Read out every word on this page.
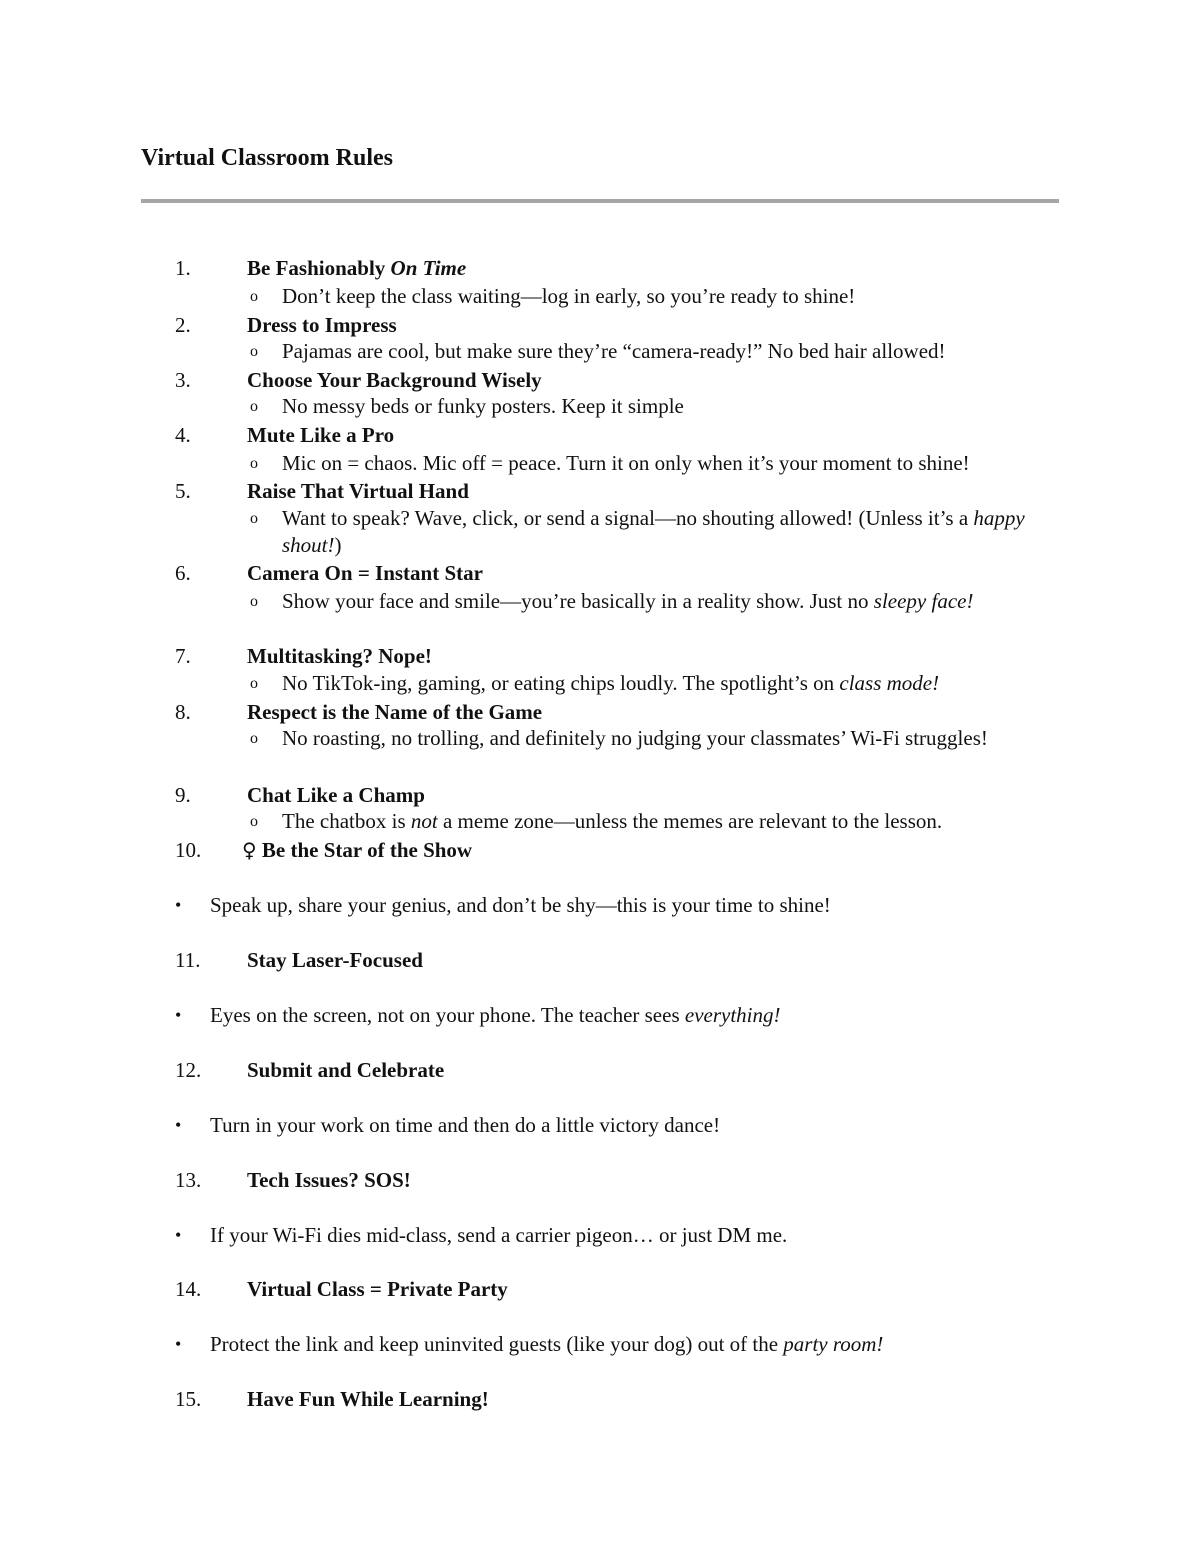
Virtual Classroom Rules
1.	Be Fashionably On Time
o Don’t keep the class waiting—log in early, so you’re ready to shine!
2.	Dress to Impress
o Pajamas are cool, but make sure they’re “camera-ready!” No bed hair allowed!
3.	Choose Your Background Wisely
o No messy beds or funky posters. Keep it simple
4.	Mute Like a Pro
o Mic on = chaos. Mic off = peace. Turn it on only when it’s your moment to shine!
5.	Raise That Virtual Hand
o Want to speak? Wave, click, or send a signal—no shouting allowed! (Unless it’s a happy shout!)
6.	Camera On = Instant Star
o Show your face and smile—you’re basically in a reality show. Just no sleepy face!
7.	Multitasking? Nope!
o No TikTok-ing, gaming, or eating chips loudly. The spotlight’s on class mode!
8.	Respect is the Name of the Game
o No roasting, no trolling, and definitely no judging your classmates’ Wi-Fi struggles!
9.	Chat Like a Champ
o The chatbox is not a meme zone—unless the memes are relevant to the lesson.
10. ♀ Be the Star of the Show
• Speak up, share your genius, and don’t be shy—this is your time to shine!
11. Stay Laser-Focused
• Eyes on the screen, not on your phone. The teacher sees everything!
12. Submit and Celebrate
• Turn in your work on time and then do a little victory dance!
13. Tech Issues? SOS!
• If your Wi-Fi dies mid-class, send a carrier pigeon… or just DM me.
14. Virtual Class = Private Party
• Protect the link and keep uninvited guests (like your dog) out of the party room!
15. Have Fun While Learning!
